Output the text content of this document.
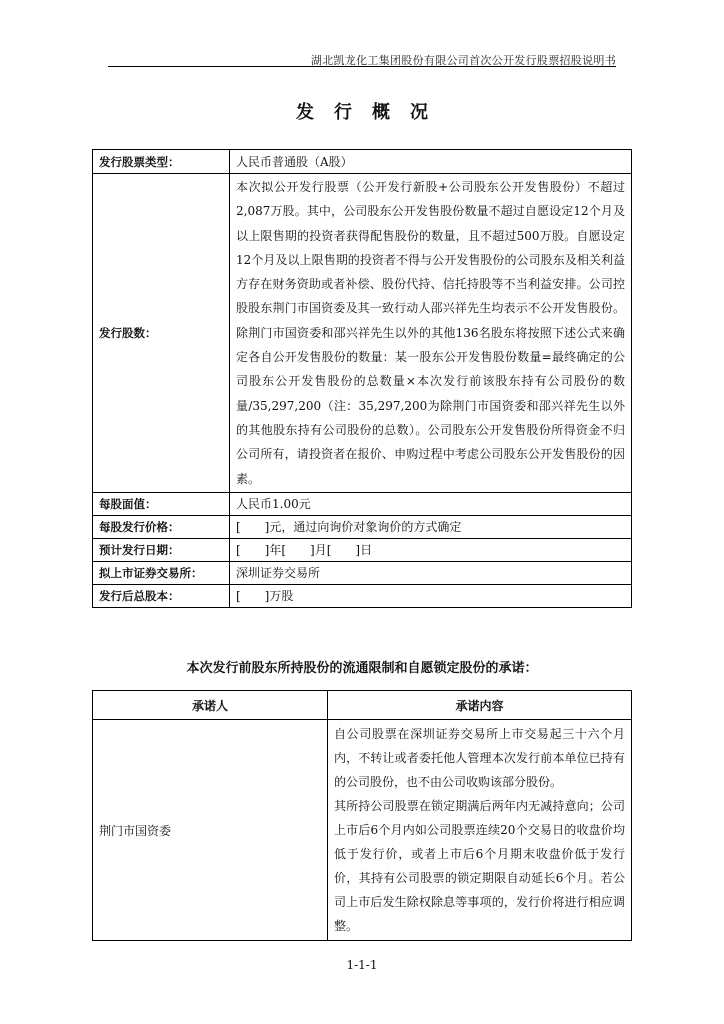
湖北凯龙化工集团股份有限公司首次公开发行股票招股说明书
发行概况
发行股票类型：	人民币普通股（A股）
发行股数：	本次拟公开发行股票（公开发行新股+公司股东公开发售股份）不超过2,087万股。其中，公司股东公开发售股份数量不超过自愿设定12个月及以上限售期的投资者获得配售股份的数量，且不超过500万股。自愿设定12个月及以上限售期的投资者不得与公开发售股份的公司股东及相关利益方存在财务资助或者补偿、股份代持、信托持股等不当利益安排。公司控股股东荆门市国资委及其一致行动人邵兴祥先生均表示不公开发售股份。除荆门市国资委和邵兴祥先生以外的其他136名股东将按照下述公式来确定各自公开发售股份的数量：某一股东公开发售股份数量=最终确定的公司股东公开发售股份的总数量×本次发行前该股东持有公司股份的数量/35,297,200（注：35,297,200为除荆门市国资委和邵兴祥先生以外的其他股东持有公司股份的总数）。公司股东公开发售股份所得资金不归公司所有，请投资者在报价、申购过程中考虑公司股东公开发售股份的因素。
每股面值：	人民币1.00元
每股发行价格：	[　　]元，通过向询价对象询价的方式确定
预计发行日期：	[　　]年[　　]月[　　]日
拟上市证券交易所：	深圳证券交易所
发行后总股本：	[　　]万股
本次发行前股东所持股份的流通限制和自愿锁定股份的承诺：
承诺人	承诺内容
荆门市国资委	自公司股票在深圳证券交易所上市交易起三十六个月内，不转让或者委托他人管理本次发行前本单位已持有的公司股份，也不由公司收购该部分股份。

其所持公司股票在锁定期满后两年内无减持意向；公司上市后6个月内如公司股票连续20个交易日的收盘价均低于发行价，或者上市后6个月期末收盘价低于发行价，其持有公司股票的锁定期限自动延长6个月。若公司上市后发生除权除息等事项的，发行价将进行相应调整。

1-1-1
